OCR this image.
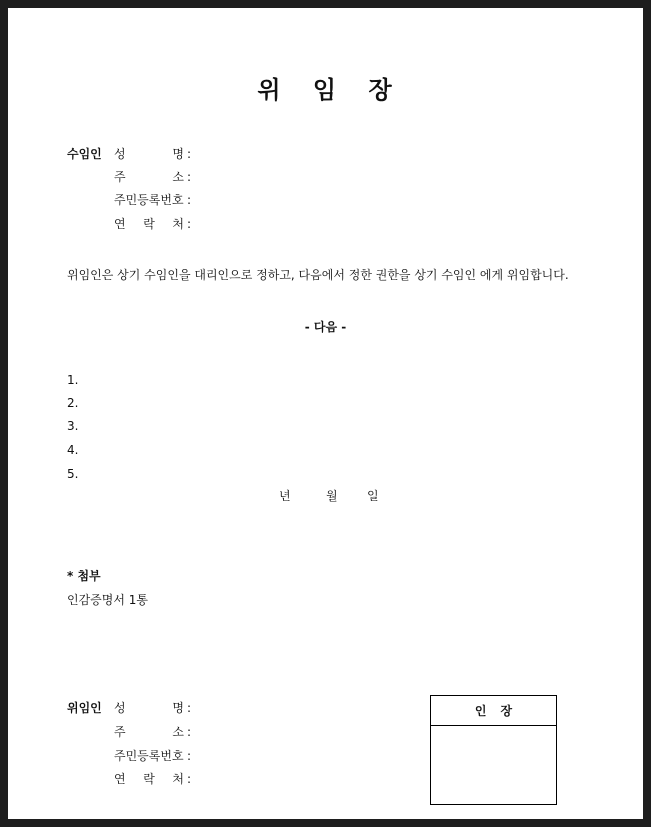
위 임 장
수임인 성	명 :
주	소 :
주민등록번호 :
연 락 처 :
위임인은 상기 수임인을 대리인으로 정하고, 다음에서 정한 권한을 상기 수임인 에게 위임합니다.
- 다음 -
1.
2.
3.
4.
5.
년	월 일
* 첨부
인감증명서 1통
위임인 성	명 :
주	소 :
주민등록번호 :
연 락 처 :
인장
